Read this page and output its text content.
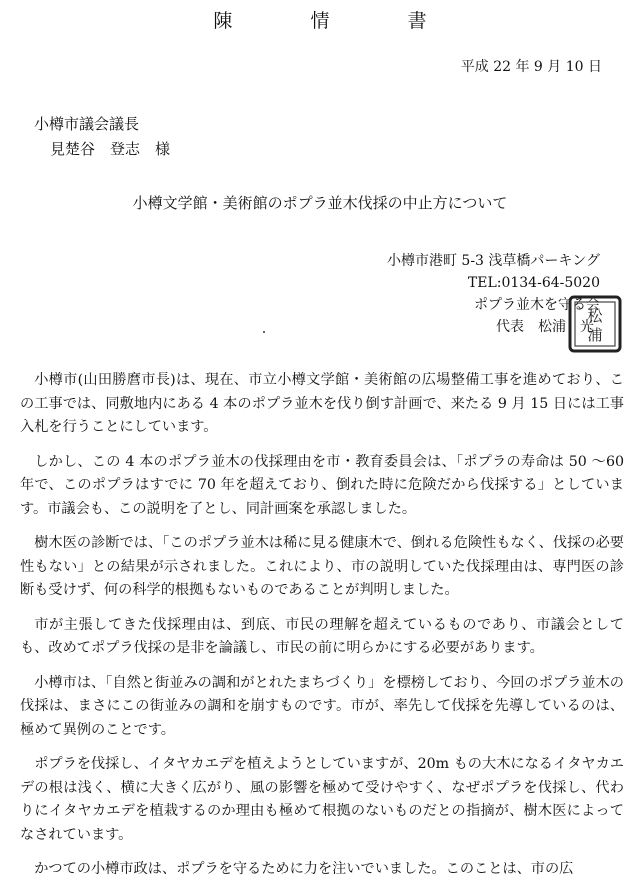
陳	情	書
平成 22 年 9 月 10 日
小樽市議会議長
見楚谷　登志　様
小樽文学館・美術館のポプラ並木伐採の中止方について
小樽市港町 5-3 浅草橋パーキング
TEL:0134-64-5020
ポプラ並木を守る会
代表　松浦　光
松
浦

小樽市(山田勝麿市長)は、現在、市立小樽文学館・美術館の広場整備工事を進めており、この工事では、同敷地内にある 4 本のポプラ並木を伐り倒す計画で、来たる 9 月 15 日には工事入札を行うことにしています。

しかし、この 4 本のポプラ並木の伐採理由を市・教育委員会は、「ポプラの寿命は 50 〜60 年で、このポプラはすでに 70 年を超えており、倒れた時に危険だから伐採する」としています。市議会も、この説明を了とし、同計画案を承認しました。

樹木医の診断では、「このポプラ並木は稀に見る健康木で、倒れる危険性もなく、伐採の必要性もない」との結果が示されました。これにより、市の説明していた伐採理由は、専門医の診断も受けず、何の科学的根拠もないものであることが判明しました。

市が主張してきた伐採理由は、到底、市民の理解を超えているものであり、市議会としても、改めてポプラ伐採の是非を論議し、市民の前に明らかにする必要があります。

小樽市は、「自然と街並みの調和がとれたまちづくり」を標榜しており、今回のポプラ並木の伐採は、まさにこの街並みの調和を崩すものです。市が、率先して伐採を先導しているのは、極めて異例のことです。

ポプラを伐採し、イタヤカエデを植えようとしていますが、20m もの大木になるイタヤカエデの根は浅く、横に大きく広がり、風の影響を極めて受けやすく、なぜポプラを伐採し、代わりにイタヤカエデを植栽するのか理由も極めて根拠のないものだとの指摘が、樹木医によってなされています。

かつての小樽市政は、ポプラを守るために力を注いでいました。このことは、市の広
